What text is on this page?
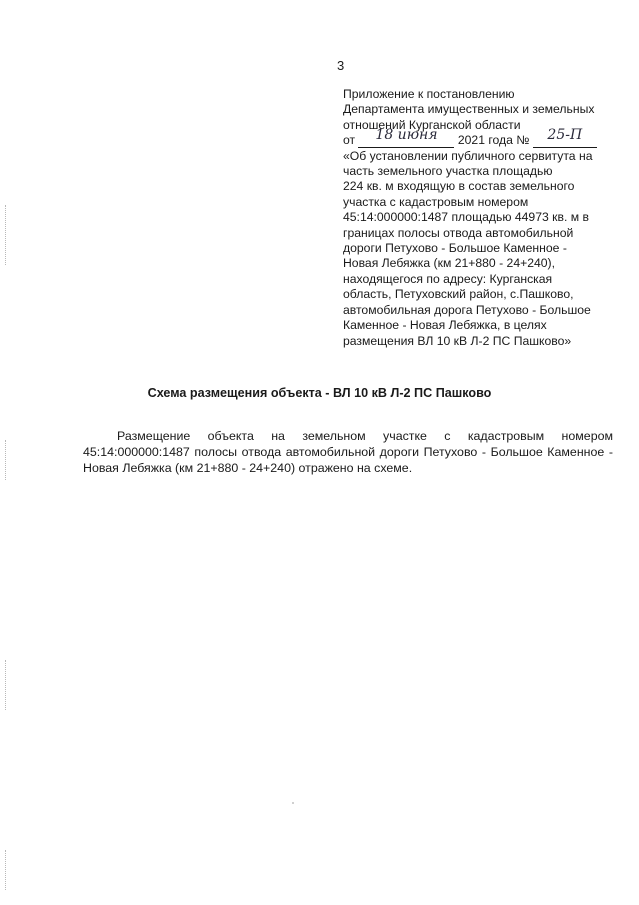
3
Приложение к постановлению
Департамента имущественных и земельных
отношений Курганской области
от 18 июня 2021 года № 25-П
«Об установлении публичного сервитута на
часть земельного участка площадью
224 кв. м входящую в состав земельного
участка с кадастровым номером
45:14:000000:1487 площадью 44973 кв. м в
границах полосы отвода автомобильной
дороги Петухово - Большое Каменное -
Новая Лебяжка (км 21+880 - 24+240),
находящегося по адресу: Курганская
область, Петуховский район, с.Пашково,
автомобильная дорога Петухово - Большое
Каменное - Новая Лебяжка, в целях
размещения ВЛ 10 кВ Л-2 ПС Пашково»
Схема размещения объекта - ВЛ 10 кВ Л-2 ПС Пашково
Размещение объекта на земельном участке с кадастровым номером 45:14:000000:1487 полосы отвода автомобильной дороги Петухово - Большое Каменное - Новая Лебяжка (км 21+880 - 24+240) отражено на схеме.
